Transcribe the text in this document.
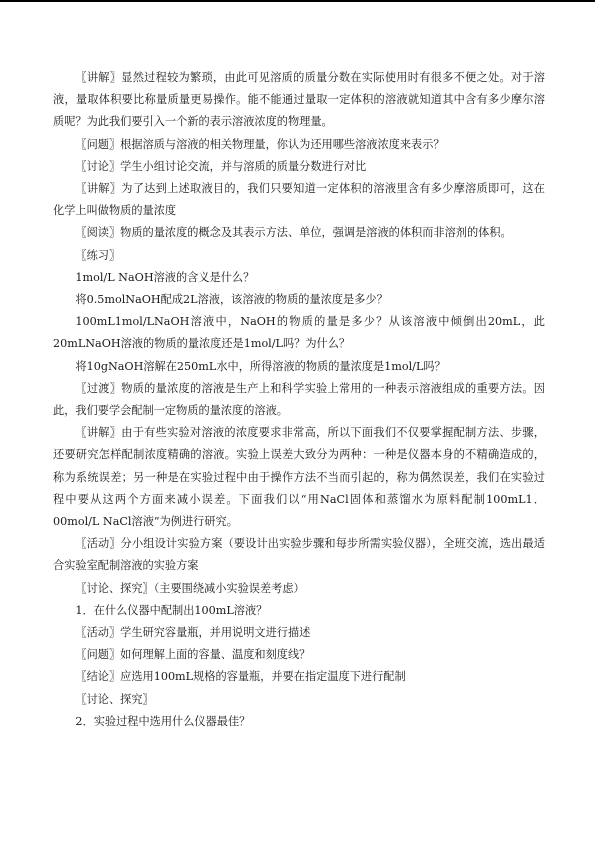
〖讲解〗显然过程较为繁琐，由此可见溶质的质量分数在实际使用时有很多不便之处。对于溶液，量取体积要比称量质量更易操作。能不能通过量取一定体积的溶液就知道其中含有多少摩尔溶质呢？为此我们要引入一个新的表示溶液浓度的物理量。

〖问题〗根据溶质与溶液的相关物理量，你认为还用哪些溶液浓度来表示？

〖讨论〗学生小组讨论交流，并与溶质的质量分数进行对比

〖讲解〗为了达到上述取液目的，我们只要知道一定体积的溶液里含有多少摩溶质即可，这在化学上叫做物质的量浓度

〖阅读〗物质的量浓度的概念及其表示方法、单位，强调是溶液的体积而非溶剂的体积。

〖练习〗

1mol/L NaOH溶液的含义是什么？

将0.5molNaOH配成2L溶液，该溶液的物质的量浓度是多少？

100mL1mol/LNaOH溶液中，NaOH的物质的量是多少？从该溶液中倾倒出20mL，此20mLNaOH溶液的物质的量浓度还是1mol/L吗？为什么？

将10gNaOH溶解在250mL水中，所得溶液的物质的量浓度是1mol/L吗？

〖过渡〗物质的量浓度的溶液是生产上和科学实验上常用的一种表示溶液组成的重要方法。因此，我们要学会配制一定物质的量浓度的溶液。

〖讲解〗由于有些实验对溶液的浓度要求非常高，所以下面我们不仅要掌握配制方法、步骤，还要研究怎样配制浓度精确的溶液。实验上误差大致分为两种：一种是仪器本身的不精确造成的，称为系统误差；另一种是在实验过程中由于操作方法不当而引起的，称为偶然误差，我们在实验过程中要从这两个方面来减小误差。下面我们以“用NaCl固体和蒸馏水为原料配制100mL1．00mol/L NaCl溶液”为例进行研究。

〖活动〗分小组设计实验方案（要设计出实验步骤和每步所需实验仪器），全班交流，选出最适合实验室配制溶液的实验方案

〖讨论、探究〗（主要围绕减小实验误差考虑）

1．在什么仪器中配制出100mL溶液？

〖活动〗学生研究容量瓶，并用说明文进行描述

〖问题〗如何理解上面的容量、温度和刻度线？

〖结论〗应选用100mL规格的容量瓶，并要在指定温度下进行配制

〖讨论、探究〗

2．实验过程中选用什么仪器最佳？
